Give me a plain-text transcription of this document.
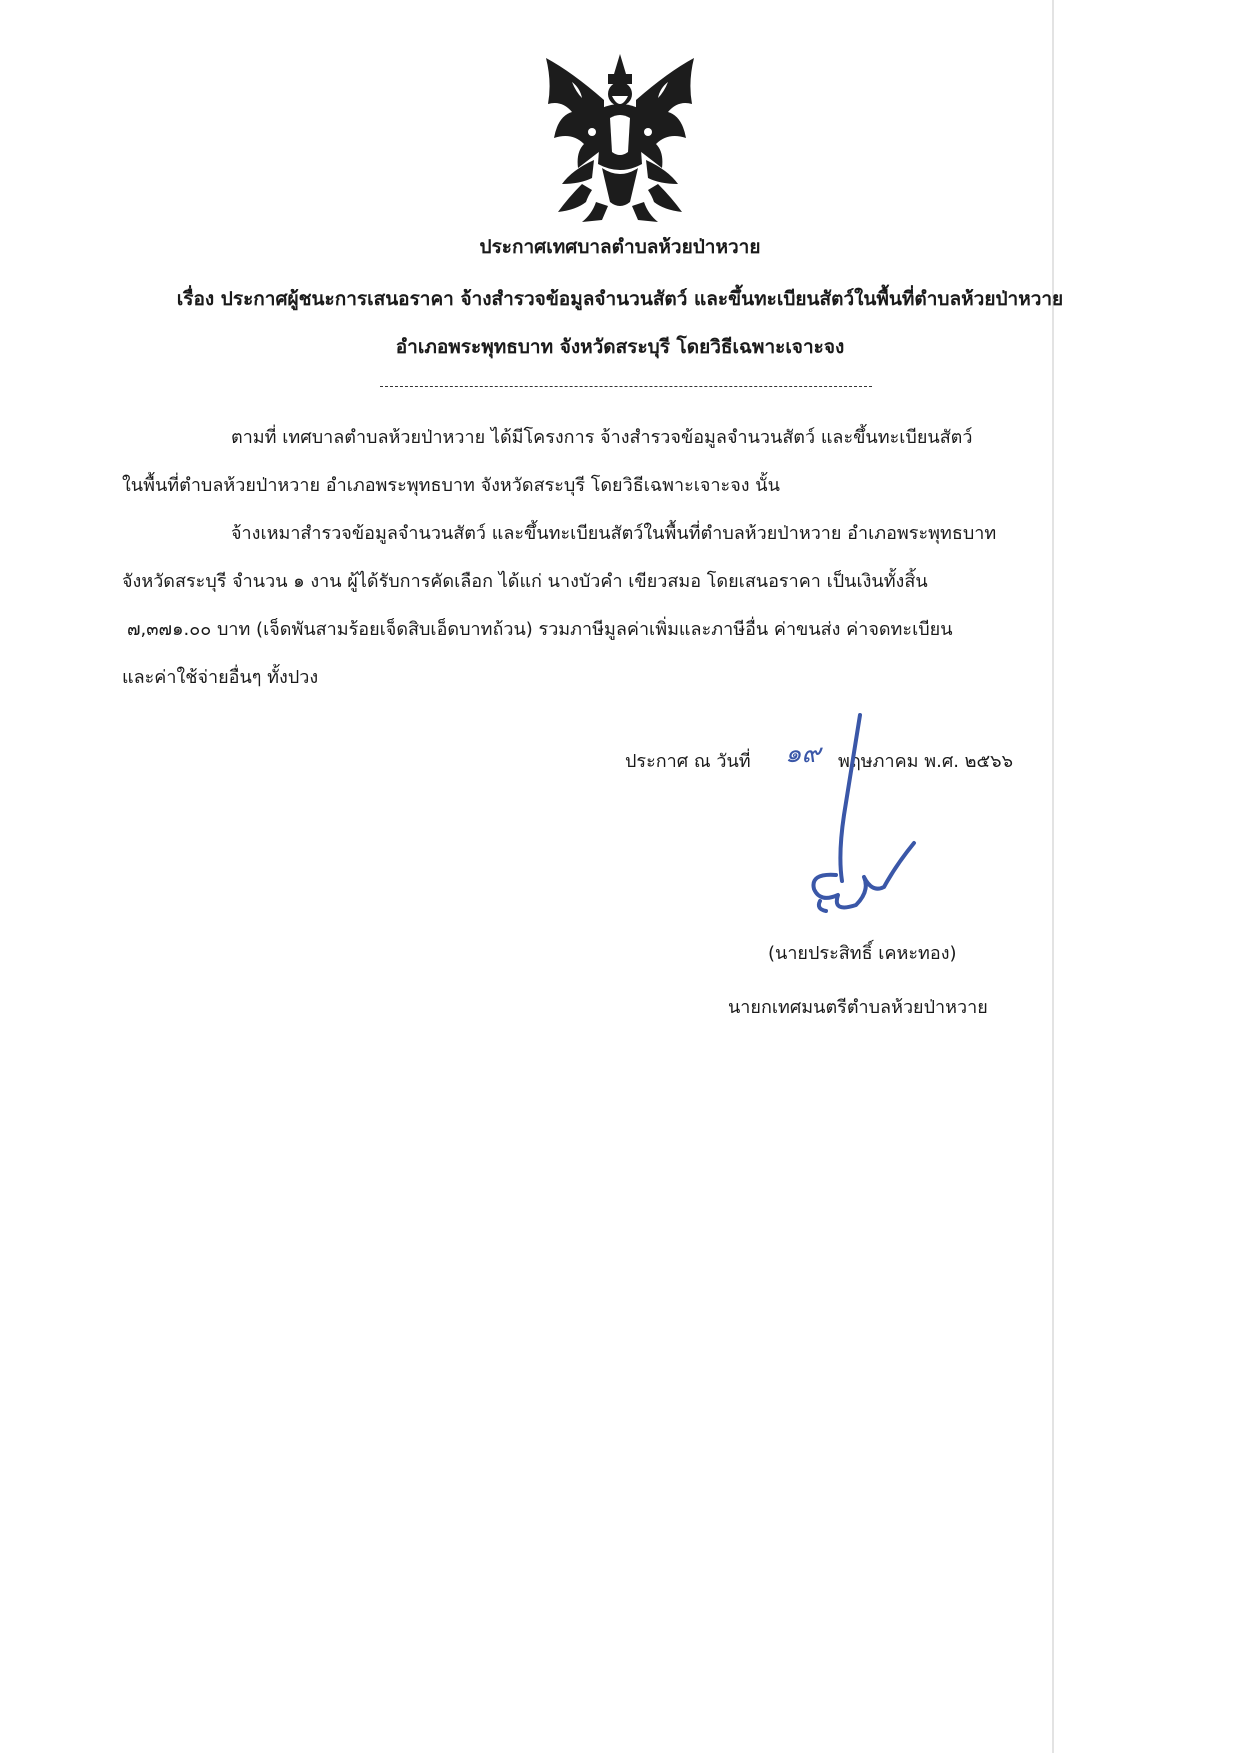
ประกาศเทศบาลตำบลห้วยป่าหวาย
เรื่อง ประกาศผู้ชนะการเสนอราคา จ้างสำรวจข้อมูลจำนวนสัตว์ และขึ้นทะเบียนสัตว์ในพื้นที่ตำบลห้วยป่าหวาย
อำเภอพระพุทธบาท จังหวัดสระบุรี โดยวิธีเฉพาะเจาะจง
ตามที่ เทศบาลตำบลห้วยป่าหวาย ได้มีโครงการ จ้างสำรวจข้อมูลจำนวนสัตว์ และขึ้นทะเบียนสัตว์
ในพื้นที่ตำบลห้วยป่าหวาย อำเภอพระพุทธบาท จังหวัดสระบุรี โดยวิธีเฉพาะเจาะจง นั้น
จ้างเหมาสำรวจข้อมูลจำนวนสัตว์ และขึ้นทะเบียนสัตว์ในพื้นที่ตำบลห้วยป่าหวาย อำเภอพระพุทธบาท
จังหวัดสระบุรี จำนวน ๑ งาน ผู้ได้รับการคัดเลือก ได้แก่ นางบัวคำ เขียวสมอ โดยเสนอราคา เป็นเงินทั้งสิ้น
๗,๓๗๑.๐๐ บาท (เจ็ดพันสามร้อยเจ็ดสิบเอ็ดบาทถ้วน) รวมภาษีมูลค่าเพิ่มและภาษีอื่น ค่าขนส่ง ค่าจดทะเบียน
และค่าใช้จ่ายอื่นๆ ทั้งปวง
ประกาศ ณ วันที่ ๑๙ พฤษภาคม พ.ศ. ๒๕๖๖
(นายประสิทธิ์ เคหะทอง)
นายกเทศมนตรีตำบลห้วยป่าหวาย
